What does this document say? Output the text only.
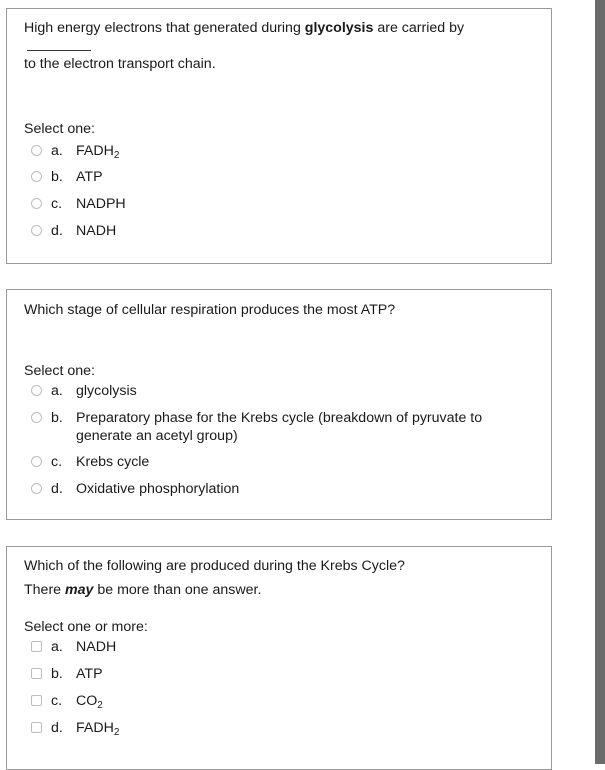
High energy electrons that generated during glycolysis are carried by
to the electron transport chain.
Select one:
a. $FADH_2$
b. ATP
c. NADPH
d. NADH
Which stage of cellular respiration produces the most ATP?
Select one:
a. glycolysis
b. Preparatory phase for the Krebs cycle (breakdown of pyruvate to generate an acetyl group)
c. Krebs cycle
d. Oxidative phosphorylation
Which of the following are produced during the Krebs Cycle?
There may be more than one answer.
Select one or more:
a. NADH
b. ATP
c. $CO_2$
d. $FADH_2$
